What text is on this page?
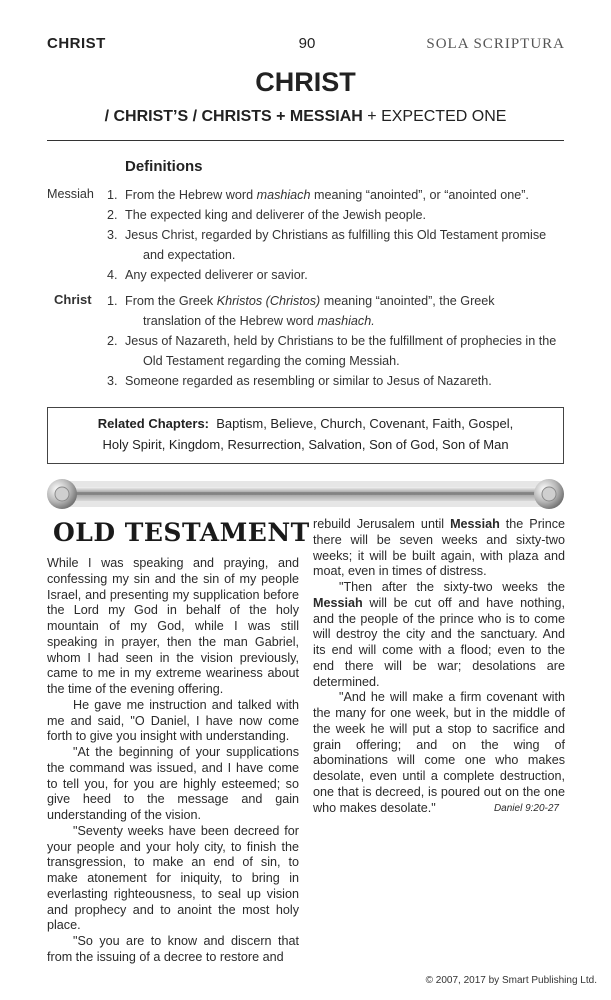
CHRIST	90	SOLA SCRIPTURA
CHRIST
/ CHRIST’S / CHRISTS + MESSIAH + EXPECTED ONE
Definitions
Messiah 1. From the Hebrew word mashiach meaning “anointed”, or “anointed one”.
2. The expected king and deliverer of the Jewish people.
3. Jesus Christ, regarded by Christians as fulfilling this Old Testament promise
and expectation.
4. Any expected deliverer or savior.
Christ 1. From the Greek Khristos (Christos) meaning “anointed”, the Greek
translation of the Hebrew word mashiach.
2. Jesus of Nazareth, held by Christians to be the fulfillment of prophecies in the
Old Testament regarding the coming Messiah.
3. Someone regarded as resembling or similar to Jesus of Nazareth.
Related Chapters: Baptism, Believe, Church, Covenant, Faith, Gospel,
Holy Spirit, Kingdom, Resurrection, Salvation, Son of God, Son of Man
OLD TESTAMENT

While I was speaking and praying, and confessing my sin and the sin of my people Israel, and presenting my supplication before the Lord my God in behalf of the holy mountain of my God, while I was still speaking in prayer, then the man Gabriel, whom I had seen in the vision previously, came to me in my extreme weariness about the time of the evening offering.

He gave me instruction and talked with me and said, "O Daniel, I have now come forth to give you insight with understanding.

"At the beginning of your supplications the command was issued, and I have come to tell you, for you are highly esteemed; so give heed to the message and gain understanding of the vision.

"Seventy weeks have been decreed for your people and your holy city, to finish the transgression, to make an end of sin, to make atonement for iniquity, to bring in everlasting righteousness, to seal up vision and prophecy and to anoint the most holy place.

"So you are to know and discern that from the issuing of a decree to restore and

rebuild Jerusalem until Messiah the Prince there will be seven weeks and sixty-two weeks; it will be built again, with plaza and moat, even in times of distress.

"Then after the sixty-two weeks the Messiah will be cut off and have nothing, and the people of the prince who is to come will destroy the city and the sanctuary. And its end will come with a flood; even to the end there will be war; desolations are determined.

"And he will make a firm covenant with the many for one week, but in the middle of the week he will put a stop to sacrifice and grain offering; and on the wing of abominations will come one who makes desolate, even until a complete destruction, one that is decreed, is poured out on the one who makes desolate."	Daniel 9:20-27

© 2007, 2017 by Smart Publishing Ltd.
